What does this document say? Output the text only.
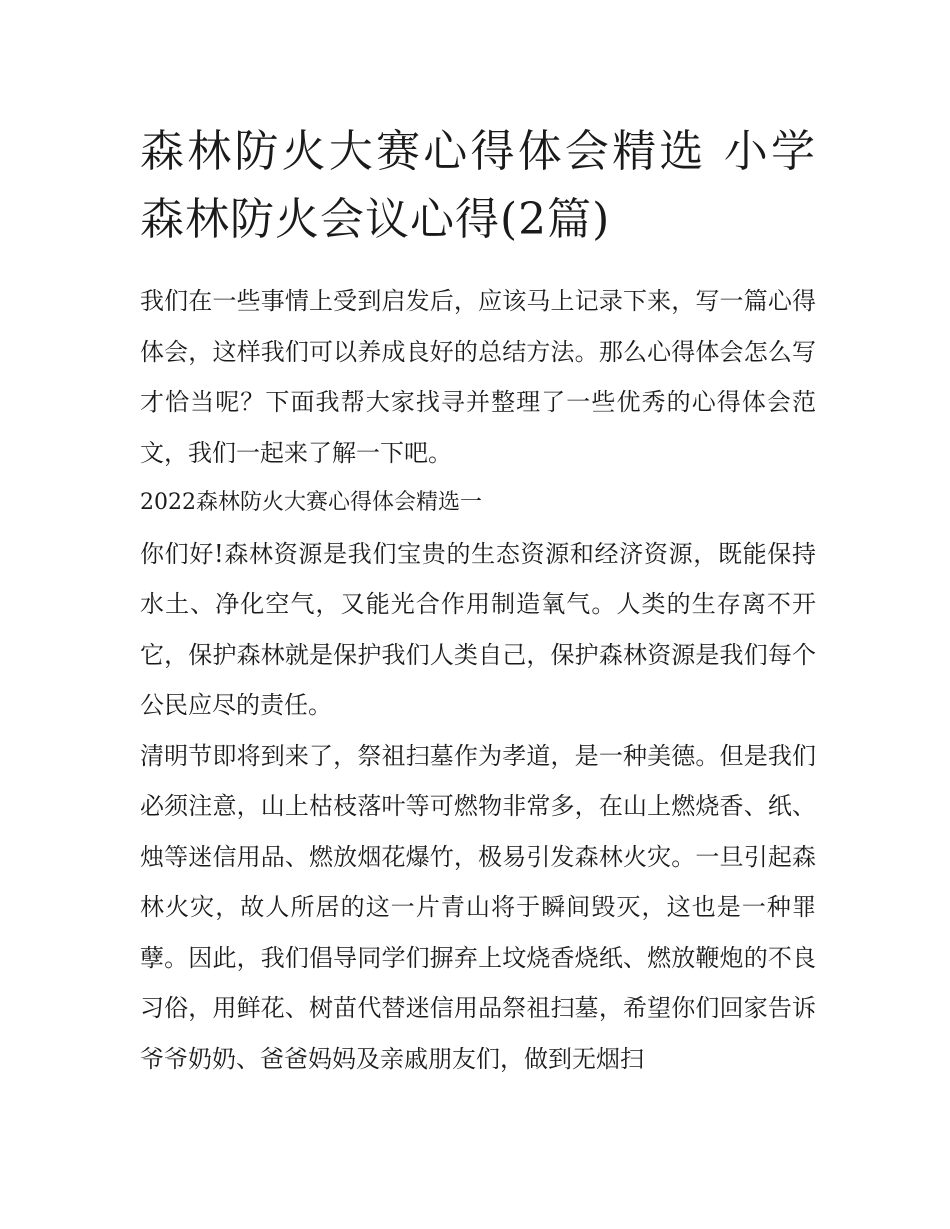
森林防火大赛心得体会精选 小学森林防火会议心得(2篇)

我们在一些事情上受到启发后，应该马上记录下来，写一篇心得体会，这样我们可以养成良好的总结方法。那么心得体会怎么写才恰当呢？下面我帮大家找寻并整理了一些优秀的心得体会范文，我们一起来了解一下吧。

2022森林防火大赛心得体会精选一

你们好!森林资源是我们宝贵的生态资源和经济资源，既能保持水土、净化空气，又能光合作用制造氧气。人类的生存离不开它，保护森林就是保护我们人类自己，保护森林资源是我们每个公民应尽的责任。

清明节即将到来了，祭祖扫墓作为孝道，是一种美德。但是我们必须注意，山上枯枝落叶等可燃物非常多，在山上燃烧香、纸、烛等迷信用品、燃放烟花爆竹，极易引发森林火灾。一旦引起森林火灾，故人所居的这一片青山将于瞬间毁灭，这也是一种罪孽。因此，我们倡导同学们摒弃上坟烧香烧纸、燃放鞭炮的不良习俗，用鲜花、树苗代替迷信用品祭祖扫墓，希望你们回家告诉爷爷奶奶、爸爸妈妈及亲戚朋友们，做到无烟扫
